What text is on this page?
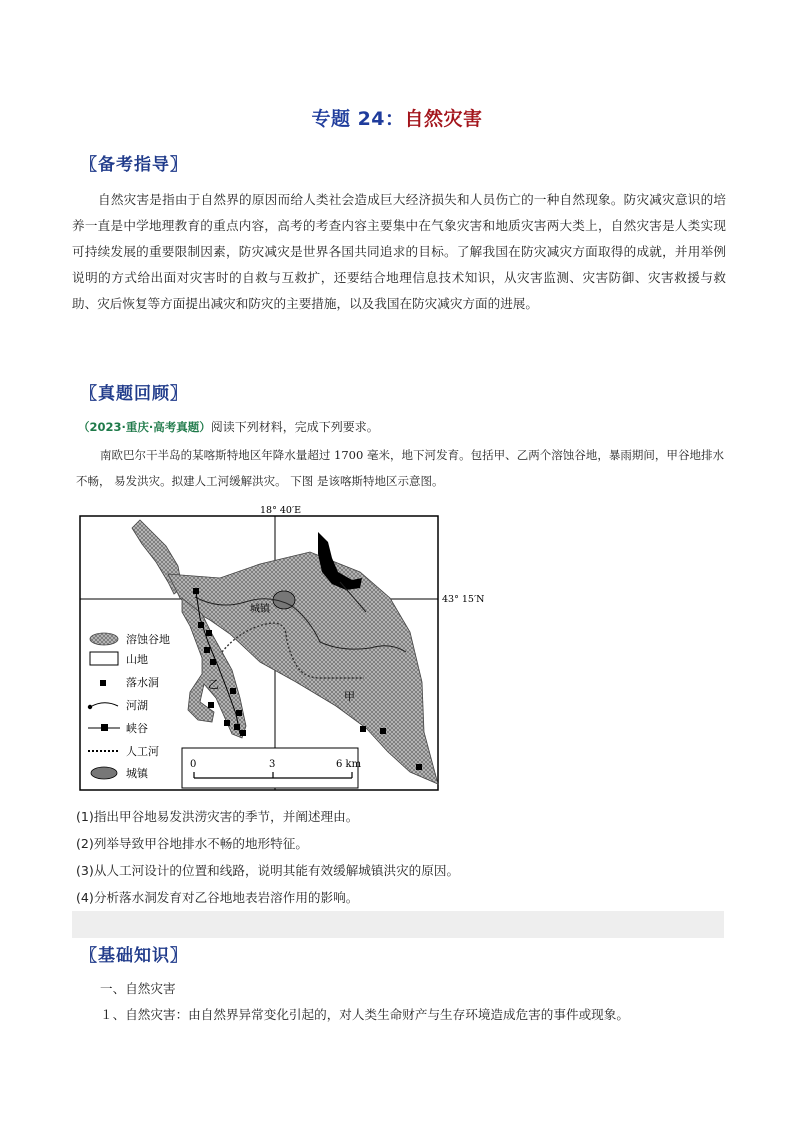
专题 24：自然灾害
〖备考指导〗
自然灾害是指由于自然界的原因而给人类社会造成巨大经济损失和人员伤亡的一种自然现象。防灾减灾意识的培养一直是中学地理教育的重点内容，高考的考查内容主要集中在气象灾害和地质灾害两大类上，自然灾害是人类实现可持续发展的重要限制因素，防灾减灾是世界各国共同追求的目标。了解我国在防灾减灾方面取得的成就，并用举例说明的方式给出面对灾害时的自救与互救扩，还要结合地理信息技术知识，从灾害监测、灾害防御、灾害救援与救助、灾后恢复等方面提出减灾和防灾的主要措施，以及我国在防灾减灾方面的进展。
〖真题回顾〗
（2023·重庆·高考真题）阅读下列材料，完成下列要求。
南欧巴尔干半岛的某喀斯特地区年降水量超过 1700 毫米，地下河发育。包括甲、乙两个溶蚀谷地，暴雨期间，甲谷地排水不畅， 易发洪灾。拟建人工河缓解洪灾。 下图 是该喀斯特地区示意图。
18° 40′E
43° 15′N
城镇
甲
乙
溶蚀谷地
山地
落水洞
河湖
峡谷
人工河
城镇
0	3	6 km
(1)指出甲谷地易发洪涝灾害的季节，并阐述理由。
(2)列举导致甲谷地排水不畅的地形特征。
(3)从人工河设计的位置和线路，说明其能有效缓解城镇洪灾的原因。
(4)分析落水洞发育对乙谷地地表岩溶作用的影响。
〖基础知识〗
一、自然灾害
１、自然灾害：由自然界异常变化引起的，对人类生命财产与生存环境造成危害的事件或现象。
